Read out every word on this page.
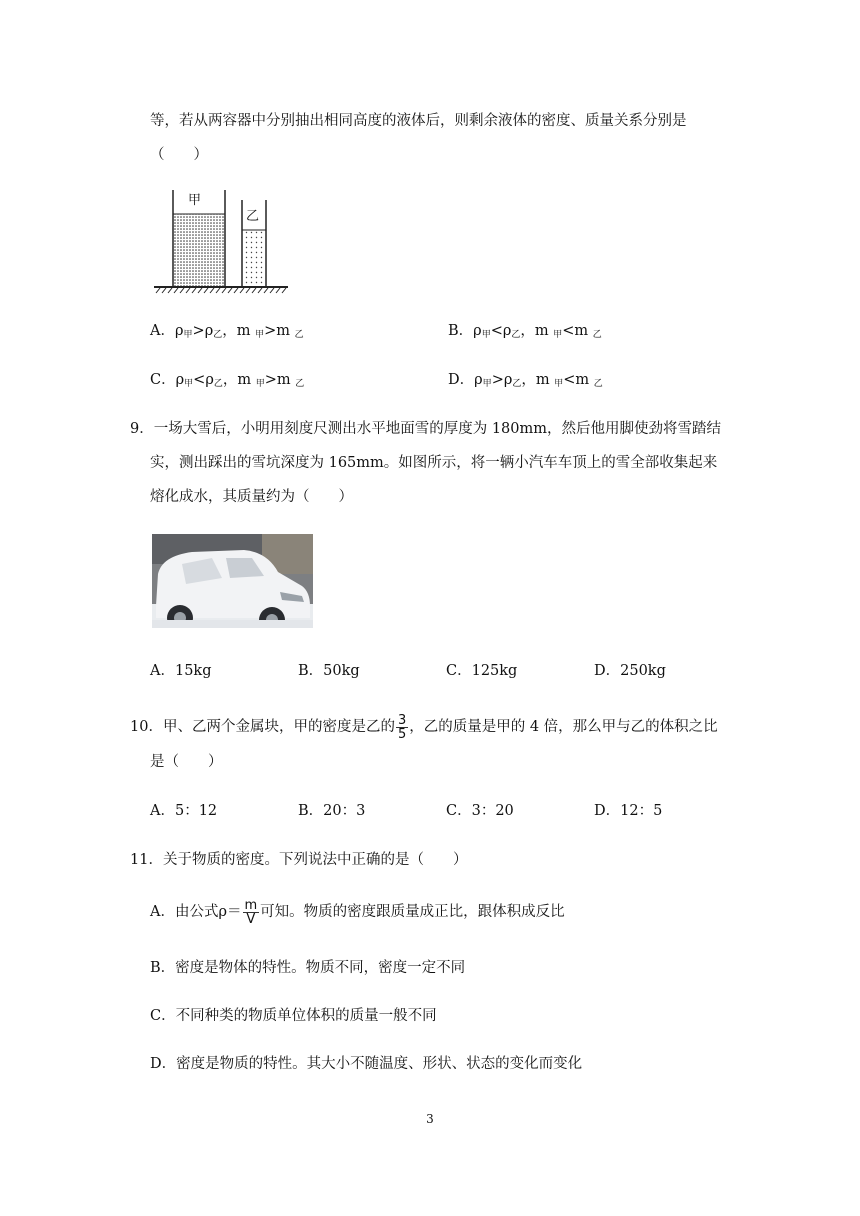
等，若从两容器中分别抽出相同高度的液体后，则剩余液体的密度、质量关系分别是
（　　）
甲
乙
A．$\rho_甲>\rho_乙$，m $_甲$>m $_乙$	B．$\rho_甲<\rho_乙$，m $_甲$<m $_乙$
C．$\rho_甲<\rho_乙$，m $_甲$>m $_乙$	D．$\rho_甲>\rho_乙$，m $_甲$<m $_乙$
9．一场大雪后，小明用刻度尺测出水平地面雪的厚度为 180mm，然后他用脚使劲将雪踏结
实，测出踩出的雪坑深度为 165mm。如图所示，将一辆小汽车车顶上的雪全部收集起来
熔化成水，其质量约为（　　）
A．15kg	B．50kg	C．125kg	D．250kg
10．甲、乙两个金属块，甲的密度是乙的 $\frac{3}{5}$ ，乙的质量是甲的 4 倍，那么甲与乙的体积之比
是（　　）
A．5：12	B．20：3	C．3：20	D．12：5
11．关于物质的密度。下列说法中正确的是（　　）
A．由公式$\rho= \frac{m}{V}$ 可知。物质的密度跟质量成正比，跟体积成反比
B．密度是物体的特性。物质不同，密度一定不同
C．不同种类的物质单位体积的质量一般不同
D．密度是物质的特性。其大小不随温度、形状、状态的变化而变化
3
